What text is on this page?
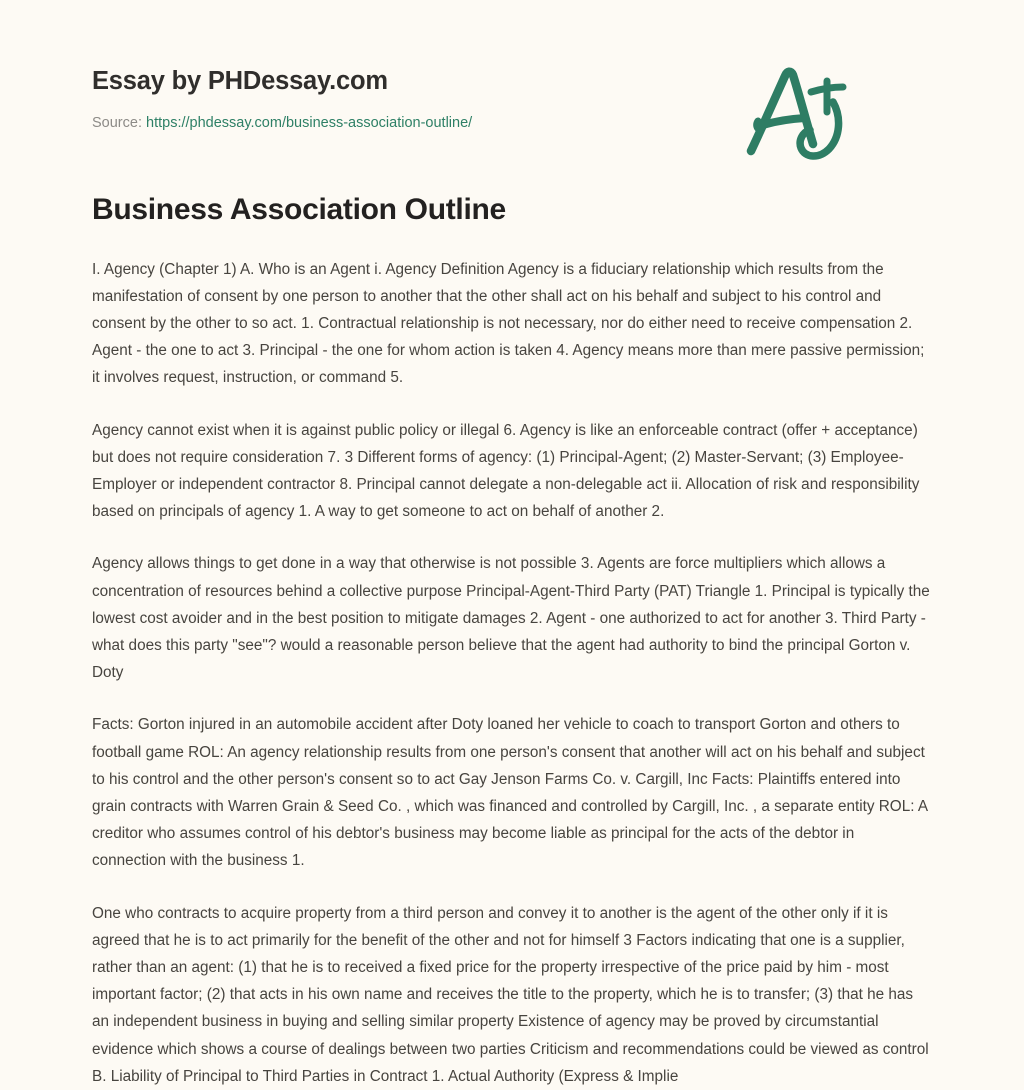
Essay by PHDessay.com
Source: https://phdessay.com/business-association-outline/
Business Association Outline

I. Agency (Chapter 1) A. Who is an Agent i. Agency Definition Agency is a fiduciary relationship which results from the manifestation of consent by one person to another that the other shall act on his behalf and subject to his control and consent by the other to so act. 1. Contractual relationship is not necessary, nor do either need to receive compensation 2. Agent - the one to act 3. Principal - the one for whom action is taken 4. Agency means more than mere passive permission; it involves request, instruction, or command 5.

Agency cannot exist when it is against public policy or illegal 6. Agency is like an enforceable contract (offer + acceptance) but does not require consideration 7. 3 Different forms of agency: (1) Principal-Agent; (2) Master-Servant; (3) Employee-Employer or independent contractor 8. Principal cannot delegate a non-delegable act ii. Allocation of risk and responsibility based on principals of agency 1. A way to get someone to act on behalf of another 2.

Agency allows things to get done in a way that otherwise is not possible 3. Agents are force multipliers which allows a concentration of resources behind a collective purpose Principal-Agent-Third Party (PAT) Triangle 1. Principal is typically the lowest cost avoider and in the best position to mitigate damages 2. Agent - one authorized to act for another 3. Third Party - what does this party "see"? would a reasonable person believe that the agent had authority to bind the principal Gorton v. Doty

Facts: Gorton injured in an automobile accident after Doty loaned her vehicle to coach to transport Gorton and others to football game ROL: An agency relationship results from one person's consent that another will act on his behalf and subject to his control and the other person's consent so to act Gay Jenson Farms Co. v. Cargill, Inc Facts: Plaintiffs entered into grain contracts with Warren Grain & Seed Co. , which was financed and controlled by Cargill, Inc. , a separate entity ROL: A creditor who assumes control of his debtor's business may become liable as principal for the acts of the debtor in connection with the business 1.

One who contracts to acquire property from a third person and convey it to another is the agent of the other only if it is agreed that he is to act primarily for the benefit of the other and not for himself 3 Factors indicating that one is a supplier, rather than an agent: (1) that he is to received a fixed price for the property irrespective of the price paid by him - most important factor; (2) that acts in his own name and receives the title to the property, which he is to transfer; (3) that he has an independent business in buying and selling similar property Existence of agency may be proved by circumstantial evidence which shows a course of dealings between two parties Criticism and recommendations could be viewed as control B. Liability of Principal to Third Parties in Contract 1. Actual Authority (Express & Implie
